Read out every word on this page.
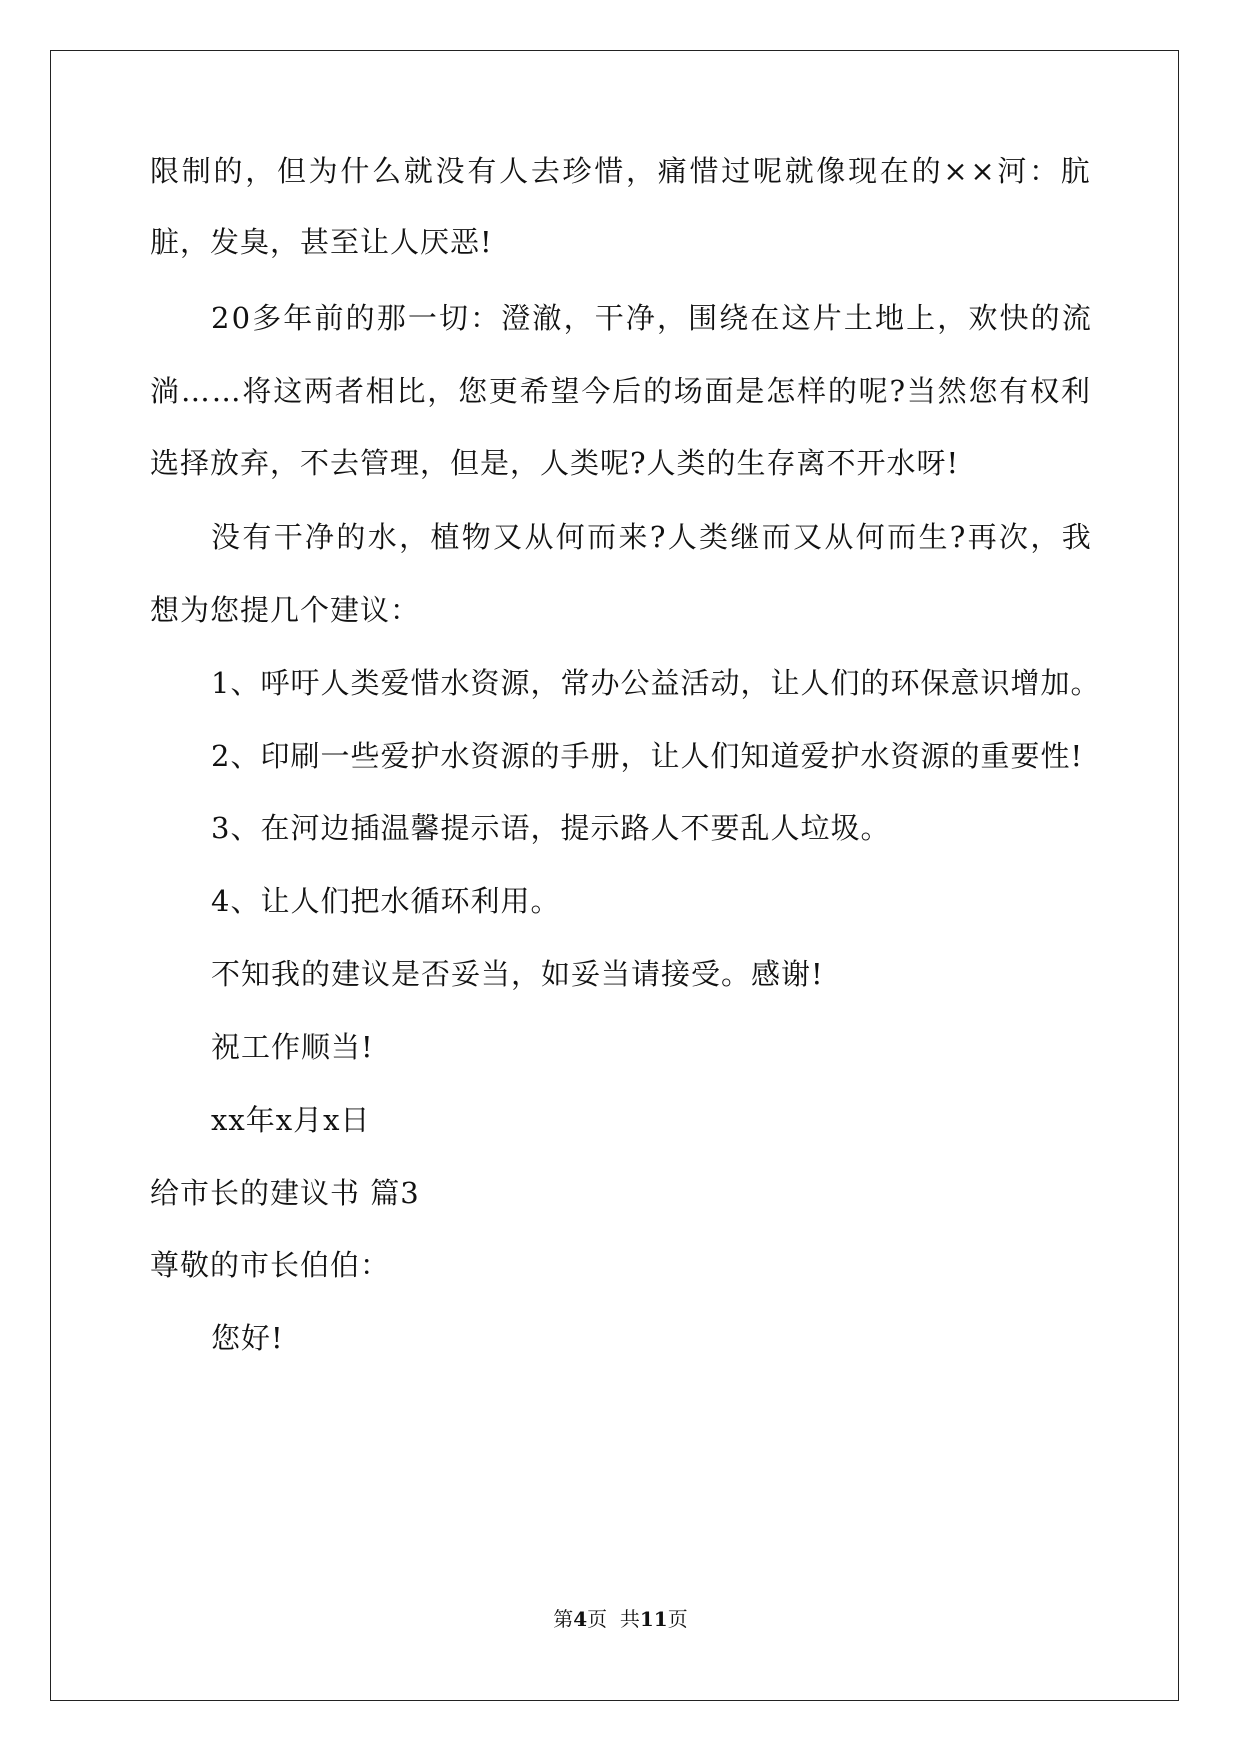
限 制 的 ， 但 为 什 么 就 没 有 人 去 珍 惜 ， 痛 惜 过 呢 就 像 现 在 的 × × 河 ： 肮
脏，发臭，甚至让人厌恶!
2 0 多 年 前 的 那 一 切 ： 澄 澈 ， 干 净 ， 围 绕 在 这 片 土 地 上 ， 欢 快 的 流
淌 … … 将 这 两 者 相 比 ， 您 更 希 望 今 后 的 场 面 是 怎 样 的 呢 ? 当 然 您 有 权 利
选择放弃，不去管理，但是，人类呢?人类的生存离不开水呀!
没 有 干 净 的 水 ， 植 物 又 从 何 而 来 ? 人 类 继 而 又 从 何 而 生 ? 再 次 ， 我
想为您提几个建议：
1、呼吁人类爱惜水资源，常办公益活动，让人们的环保意识增加。
2、印刷一些爱护水资源的手册，让人们知道爱护水资源的重要性!
3、在河边插温馨提示语，提示路人不要乱人垃圾。
4、让人们把水循环利用。
不知我的建议是否妥当，如妥当请接受。感谢!
祝工作顺当!
xx年x月x日
给市长的建议书 篇3
尊敬的市长伯伯：
您好!
第4页  共11页
